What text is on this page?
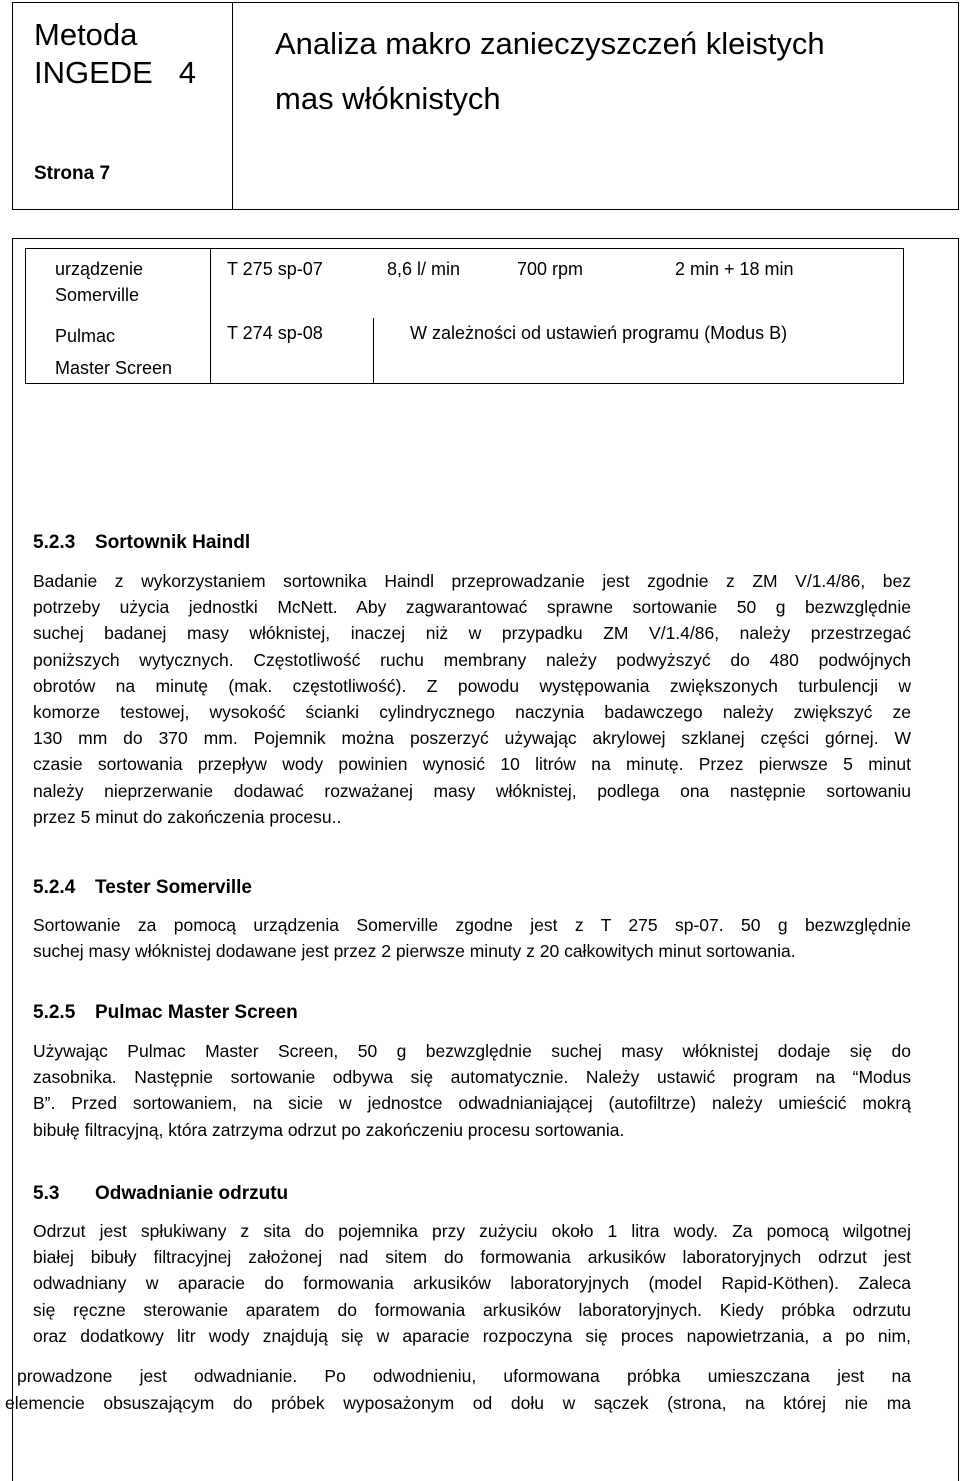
Metoda
INGEDE 4
Analiza makro zanieczyszczeń kleistych
mas włóknistych
Strona 7
urządzenie
Somerville
T 275 sp-07	8,6 l/ min	700 rpm	2 min + 18 min
Pulmac
Master Screen
T 274 sp-08	W zależności od ustawień programu (Modus B)
5.2.3 Sortownik Haindl
Badanie z wykorzystaniem sortownika Haindl przeprowadzanie jest zgodnie z ZM V/1.4/86, bez
potrzeby użycia jednostki McNett. Aby zagwarantować sprawne sortowanie 50 g bezwzględnie
suchej badanej masy włóknistej, inaczej niż w przypadku ZM V/1.4/86, należy przestrzegać
poniższych wytycznych. Częstotliwość ruchu membrany należy podwyższyć do 480 podwójnych
obrotów na minutę (mak. częstotliwość). Z powodu występowania zwiększonych turbulencji w
komorze testowej, wysokość ścianki cylindrycznego naczynia badawczego należy zwiększyć ze
130 mm do 370 mm. Pojemnik można poszerzyć używając akrylowej szklanej części górnej. W
czasie sortowania przepływ wody powinien wynosić 10 litrów na minutę. Przez pierwsze 5 minut
należy nieprzerwanie dodawać rozważanej masy włóknistej, podlega ona następnie sortowaniu
przez 5 minut do zakończenia procesu..
5.2.4 Tester Somerville
Sortowanie za pomocą urządzenia Somerville zgodne jest z T 275 sp-07. 50 g bezwzględnie
suchej masy włóknistej dodawane jest przez 2 pierwsze minuty z 20 całkowitych minut sortowania.
5.2.5 Pulmac Master Screen
Używając Pulmac Master Screen, 50 g bezwzględnie suchej masy włóknistej dodaje się do
zasobnika. Następnie sortowanie odbywa się automatycznie. Należy ustawić program na “Modus
B”. Przed sortowaniem, na sicie w jednostce odwadnianiającej (autofiltrze) należy umieścić mokrą
bibułę filtracyjną, która zatrzyma odrzut po zakończeniu procesu sortowania.
5.3 Odwadnianie odrzutu
Odrzut jest spłukiwany z sita do pojemnika przy zużyciu około 1 litra wody. Za pomocą wilgotnej
białej bibuły filtracyjnej założonej nad sitem do formowania arkusików laboratoryjnych odrzut jest
odwadniany w aparacie do formowania arkusików laboratoryjnych (model Rapid-Köthen). Zaleca
się ręczne sterowanie aparatem do formowania arkusików laboratoryjnych. Kiedy próbka odrzutu
oraz dodatkowy litr wody znajdują się w aparacie rozpoczyna się proces napowietrzania, a po nim,
prowadzone jest odwadnianie. Po odwodnieniu, uformowana próbka umieszczana jest na
elemencie obsuszającym do próbek wyposażonym od dołu w sączek (strona, na której nie ma
